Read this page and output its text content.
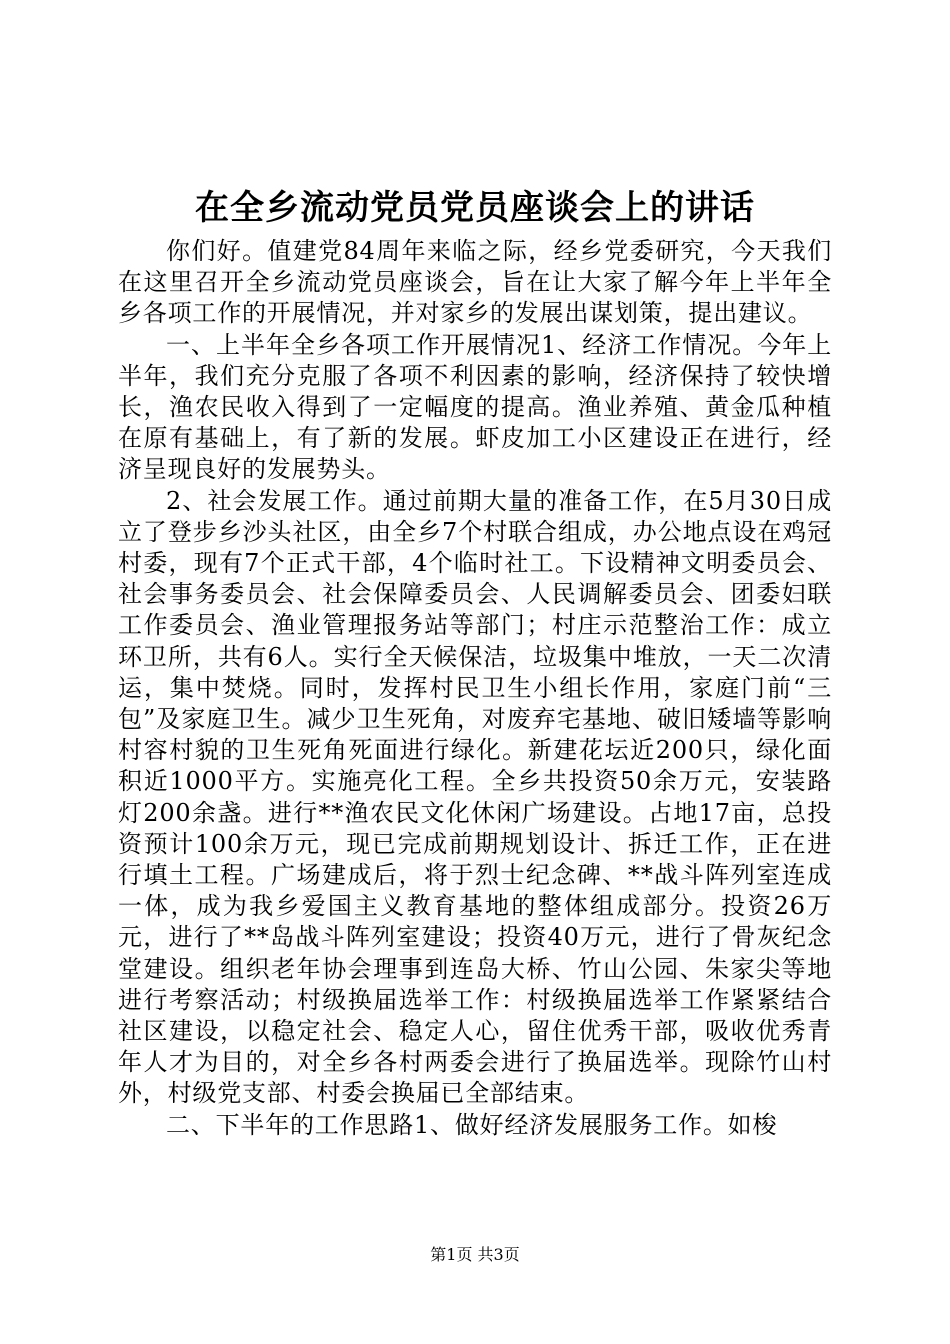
在全乡流动党员党员座谈会上的讲话

你们好。值建党84周年来临之际，经乡党委研究，今天我们在这里召开全乡流动党员座谈会，旨在让大家了解今年上半年全乡各项工作的开展情况，并对家乡的发展出谋划策，提出建议。

一、上半年全乡各项工作开展情况1、经济工作情况。今年上半年，我们充分克服了各项不利因素的影响，经济保持了较快增长，渔农民收入得到了一定幅度的提高。渔业养殖、黄金瓜种植在原有基础上，有了新的发展。虾皮加工小区建设正在进行，经济呈现良好的发展势头。

2、社会发展工作。通过前期大量的准备工作，在5月30日成立了登步乡沙头社区，由全乡7个村联合组成，办公地点设在鸡冠村委，现有7个正式干部，4个临时社工。下设精神文明委员会、社会事务委员会、社会保障委员会、人民调解委员会、团委妇联工作委员会、渔业管理报务站等部门；村庄示范整治工作：成立环卫所，共有6人。实行全天候保洁，垃圾集中堆放，一天二次清运，集中焚烧。同时，发挥村民卫生小组长作用，家庭门前“三包”及家庭卫生。减少卫生死角，对废弃宅基地、破旧矮墙等影响村容村貌的卫生死角死面进行绿化。新建花坛近200只，绿化面积近1000平方。实施亮化工程。全乡共投资50余万元，安装路灯200余盏。进行**渔农民文化休闲广场建设。占地17亩，总投资预计100余万元，现已完成前期规划设计、拆迁工作，正在进行填土工程。广场建成后，将于烈士纪念碑、**战斗阵列室连成一体，成为我乡爱国主义教育基地的整体组成部分。投资26万元，进行了**岛战斗阵列室建设；投资40万元，进行了骨灰纪念堂建设。组织老年协会理事到连岛大桥、竹山公园、朱家尖等地进行考察活动；村级换届选举工作：村级换届选举工作紧紧结合社区建设，以稳定社会、稳定人心，留住优秀干部，吸收优秀青年人才为目的，对全乡各村两委会进行了换届选举。现除竹山村外，村级党支部、村委会换届已全部结束。

二、下半年的工作思路1、做好经济发展服务工作。如梭

第1页 共3页
